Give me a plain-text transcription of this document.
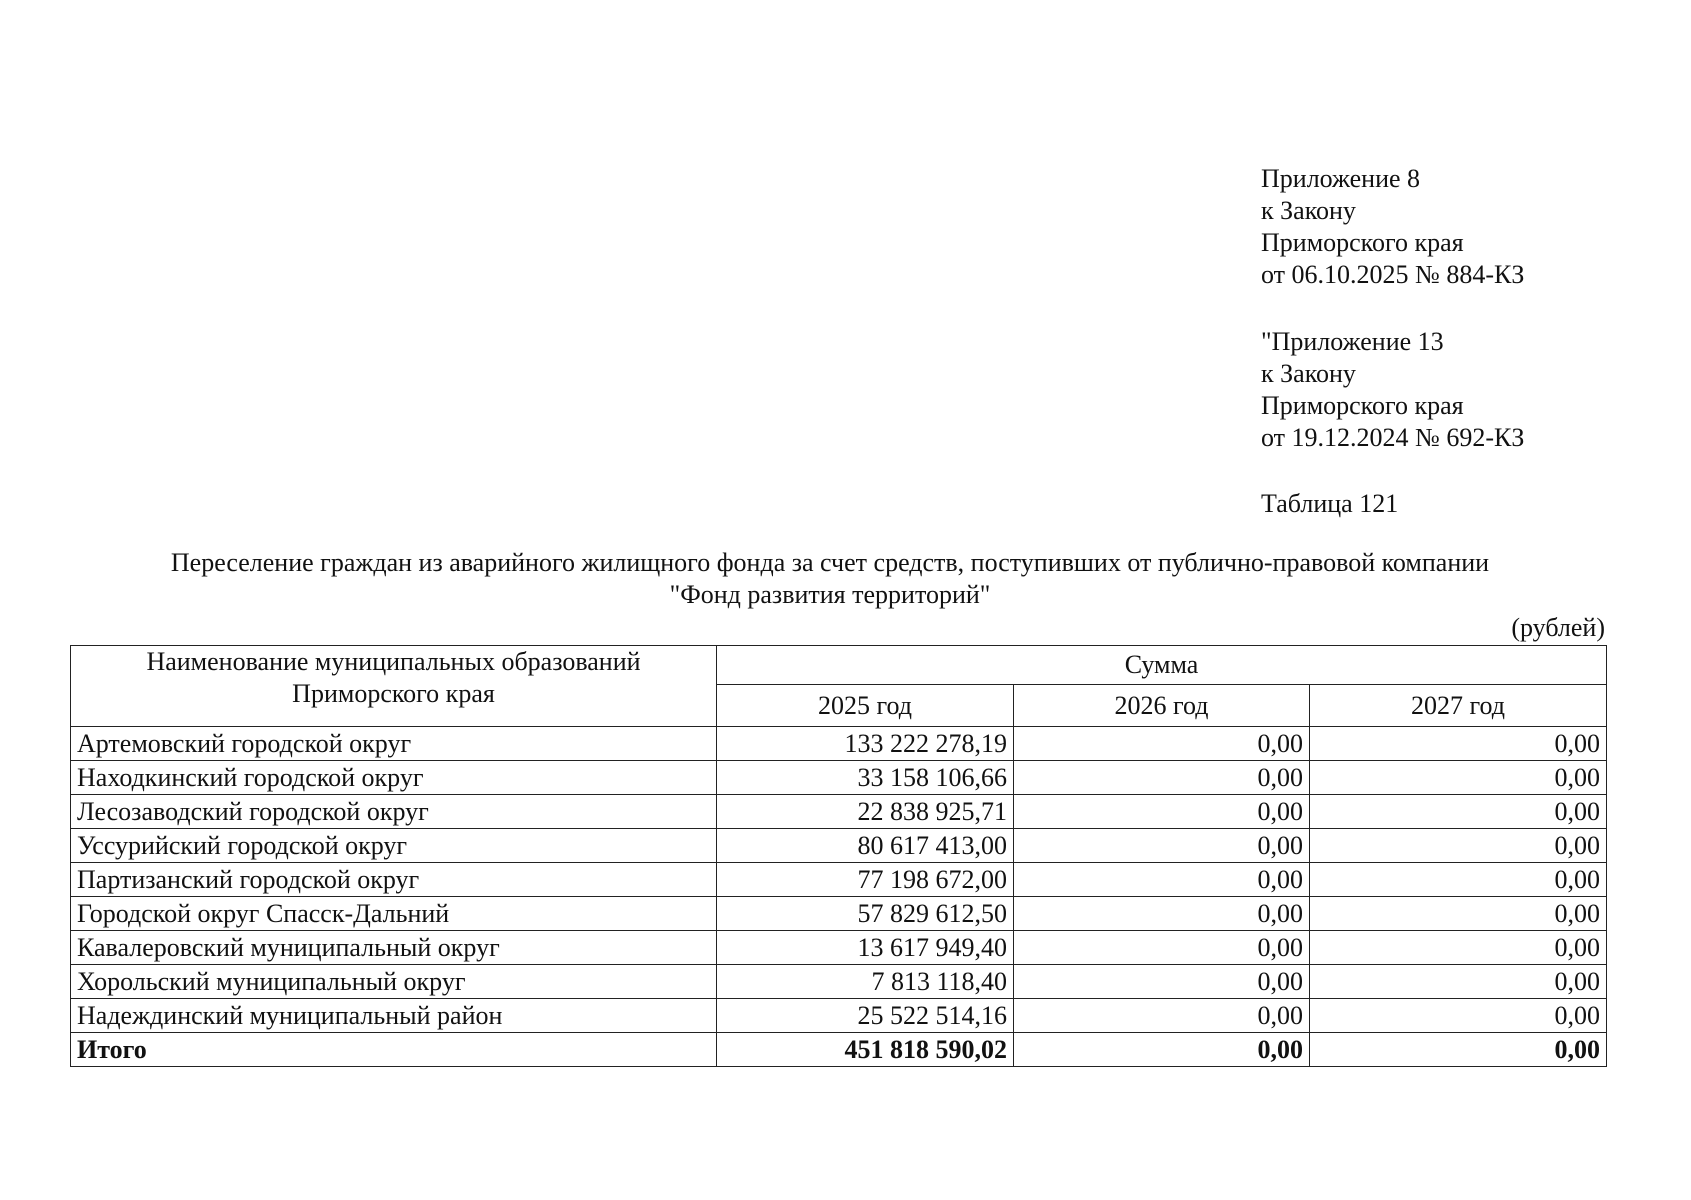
Приложение 8
к Закону
Приморского края
от 06.10.2025 № 884-КЗ
"Приложение 13
к Закону
Приморского края
от 19.12.2024 № 692-КЗ
Таблица 121
Переселение граждан из аварийного жилищного фонда за счет средств, поступивших от публично-правовой компании
"Фонд развития территорий"
(рублей)
Наименование муниципальных образований
Приморского края	Сумма		
	2025 год	2026 год	2027 год
Артемовский городской округ	133 222 278,19	0,00	0,00
Находкинский городской округ	33 158 106,66	0,00	0,00
Лесозаводский городской округ	22 838 925,71	0,00	0,00
Уссурийский городской округ	80 617 413,00	0,00	0,00
Партизанский городской округ	77 198 672,00	0,00	0,00
Городской округ Спасск-Дальний	57 829 612,50	0,00	0,00
Кавалеровский муниципальный округ	13 617 949,40	0,00	0,00
Хорольский муниципальный округ	7 813 118,40	0,00	0,00
Надеждинский муниципальный район	25 522 514,16	0,00	0,00
Итого	451 818 590,02	0,00	0,00
